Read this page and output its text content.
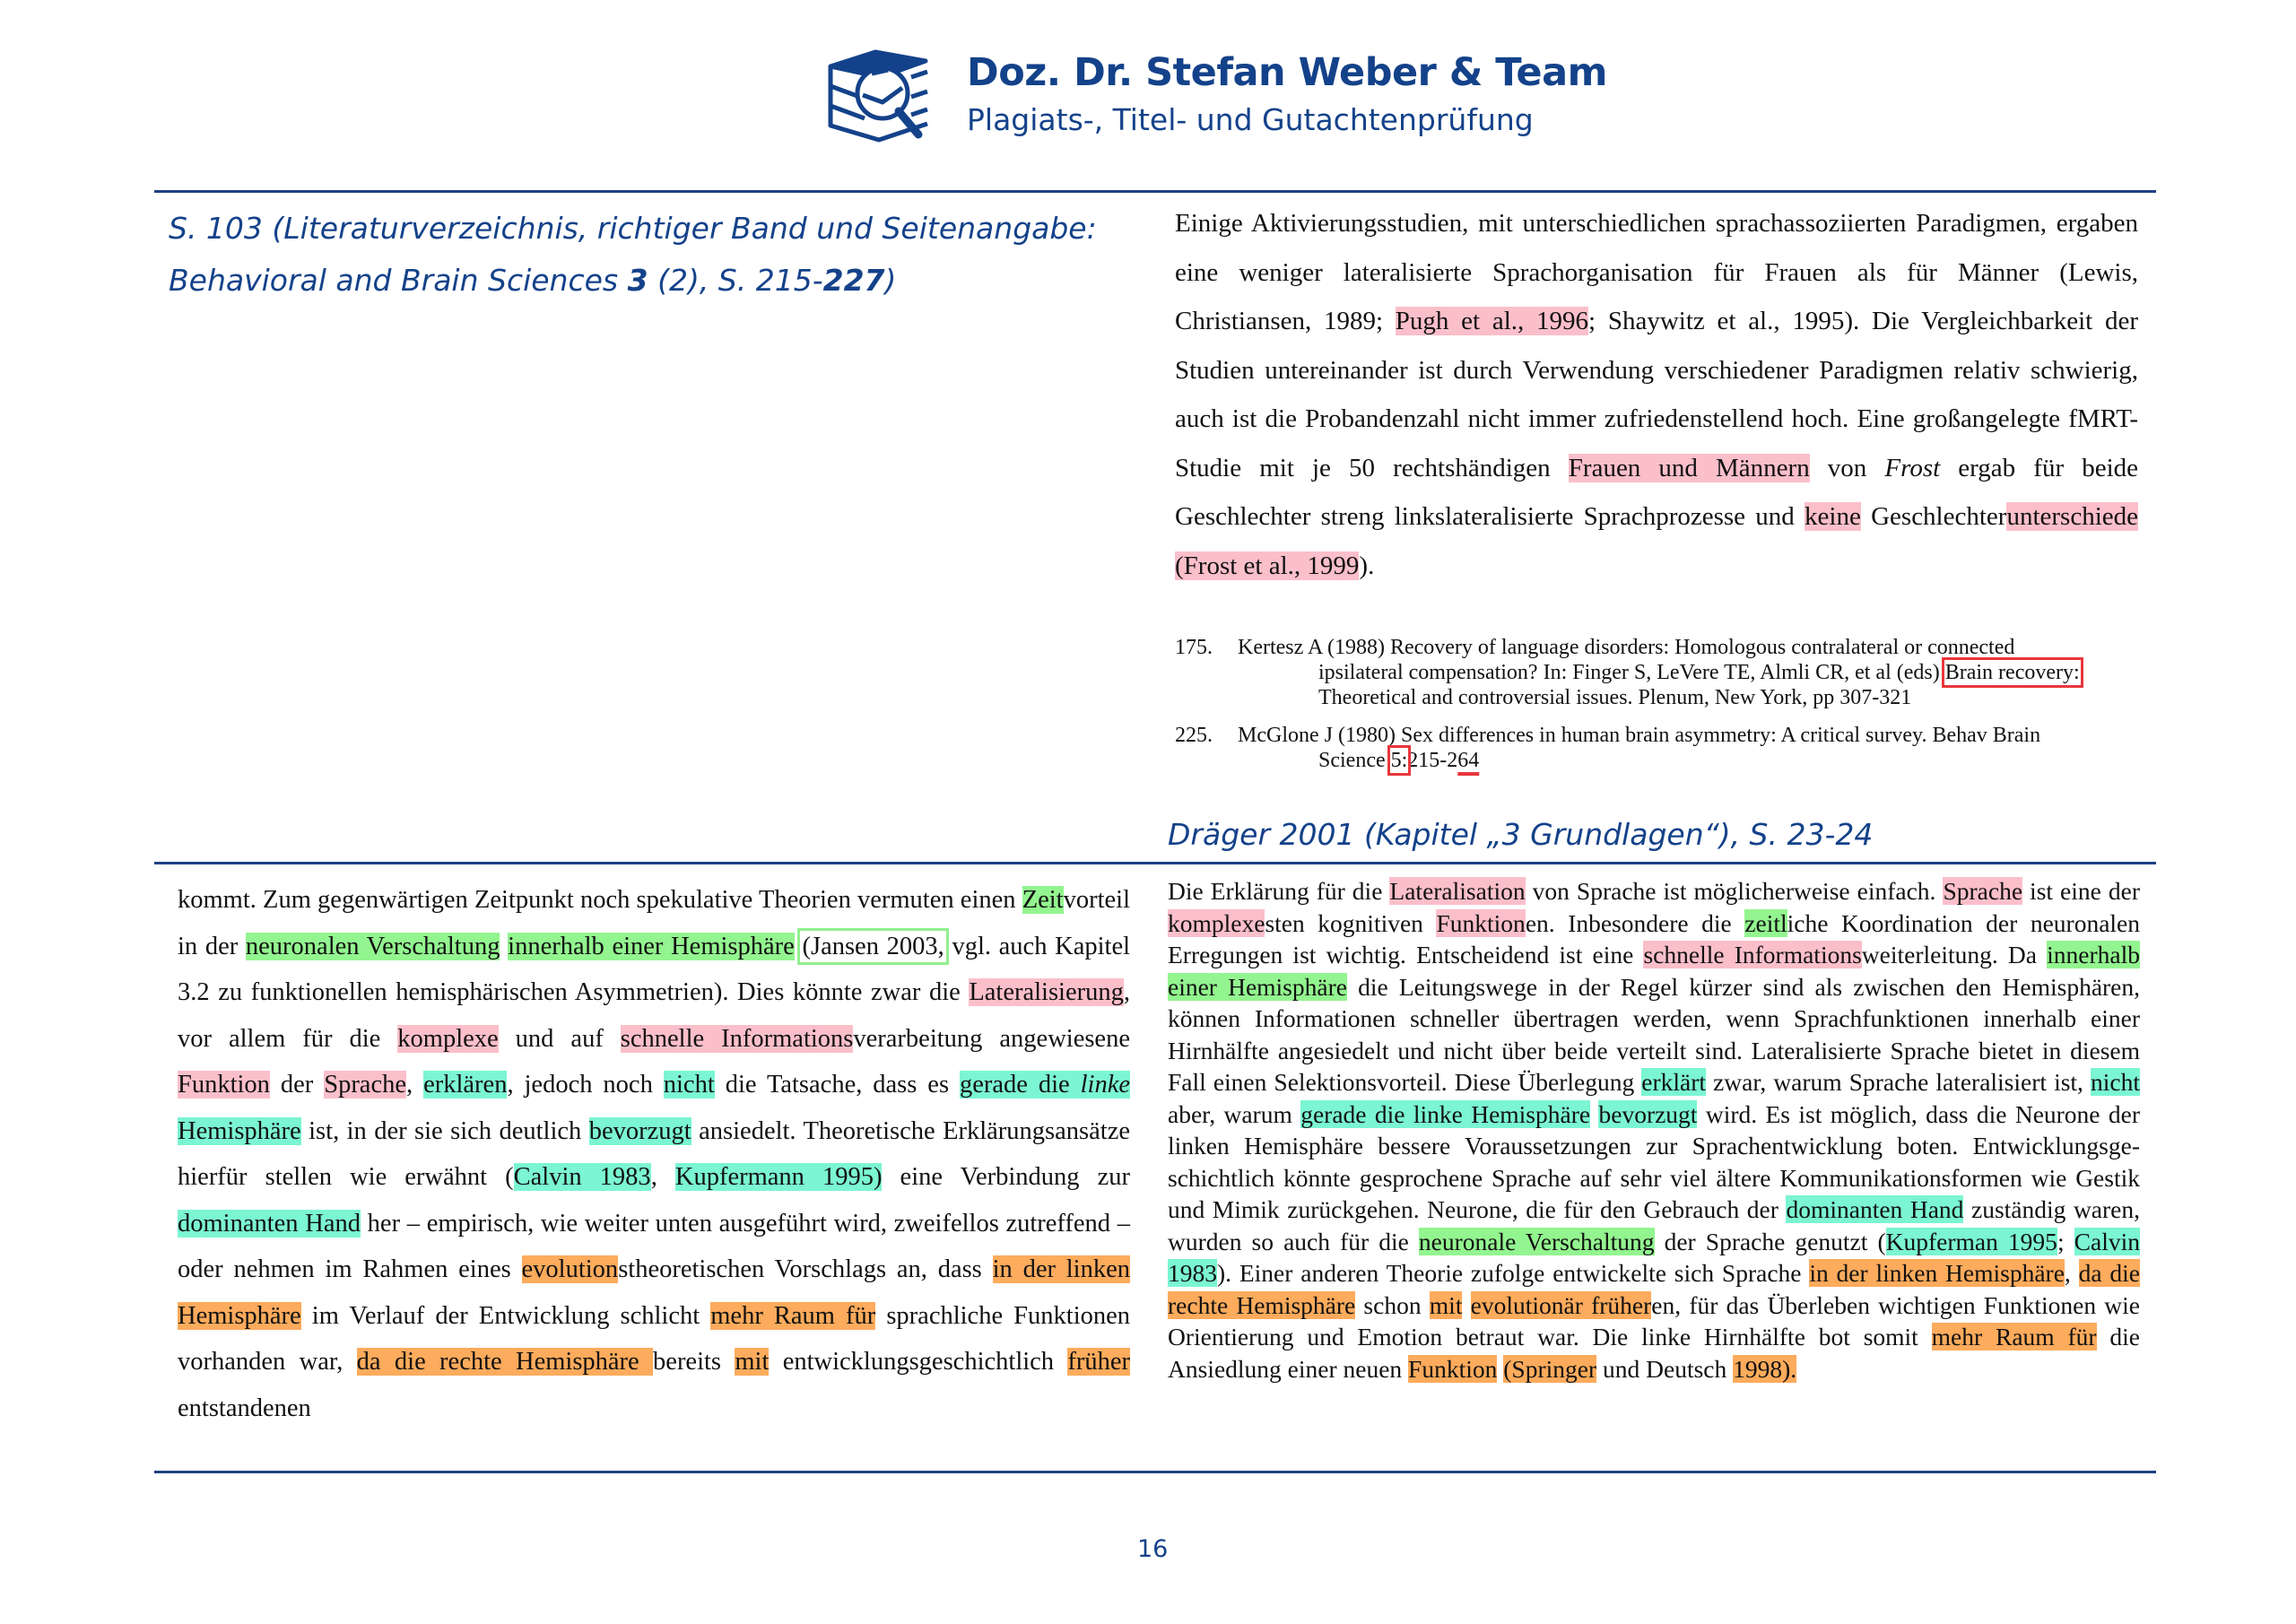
Doz. Dr. Stefan Weber & Team
Plagiats-, Titel- und Gutachtenprüfung
S. 103 (Literaturverzeichnis, richtiger Band und Seitenangabe:
Behavioral and Brain Sciences 3 (2), S. 215-227)
Einige Aktivierungsstudien, mit unterschiedlichen sprachassoziierten Paradigmen, ergaben eine weniger lateralisierte Sprachorganisation für Frauen als für Männer (Lewis, Christiansen, 1989; Pugh et al., 1996; Shaywitz et al., 1995). Die Vergleichbarkeit der Studien untereinander ist durch Verwendung verschiedener Paradigmen relativ schwierig, auch ist die Probandenzahl nicht immer zufriedenstellend hoch. Eine großangelegte fMRT-Studie mit je 50 rechtshändigen Frauen und Männern von Frost ergab für beide Geschlechter streng linkslateralisierte Sprachprozesse und keine Geschlechterunterschiede (Frost et al., 1999).
175. Kertesz A (1988) Recovery of language disorders: Homologous contralateral or connected
ipsilateral compensation? In: Finger S, LeVere TE, Almli CR, et al (eds) Brain recovery:
Theoretical and controversial issues. Plenum, New York, pp 307-321
225. McGlone J (1980) Sex differences in human brain asymmetry: A critical survey. Behav Brain
Science 5:215-264
Dräger 2001 (Kapitel „3 Grundlagen“), S. 23-24
kommt. Zum gegenwärtigen Zeitpunkt noch spekulative Theorien vermuten einen Zeitvorteil in der neuronalen Verschaltung innerhalb einer Hemisphäre (Jansen 2003, vgl. auch Kapitel 3.2 zu funktionellen hemisphärischen Asymmetrien). Dies könnte zwar die Lateralisierung, vor allem für die komplexe und auf schnelle Informationsverarbeitung angewiesene Funktion der Sprache, erklären, jedoch noch nicht die Tatsache, dass es gerade die linke Hemisphäre ist, in der sie sich deutlich bevorzugt ansiedelt. Theoretische Erklärungsansätze hierfür stellen wie erwähnt (Calvin 1983, Kupfermann 1995) eine Verbindung zur dominanten Hand her – empirisch, wie weiter unten ausgeführt wird, zweifellos zutreffend – oder nehmen im Rahmen eines evolutionstheoretischen Vorschlags an, dass in der linken Hemisphäre im Verlauf der Entwicklung schlicht mehr Raum für sprachliche Funktionen vorhanden war, da die rechte Hemisphäre bereits mit entwicklungsgeschichtlich früher entstandenen
Die Erklärung für die Lateralisation von Sprache ist möglicherweise einfach. Sprache ist eine der komplexesten kognitiven Funktionen. Inbesondere die zeitliche Koordination der neuronalen Erregungen ist wichtig. Entscheidend ist eine schnelle Informationsweiterleitung. Da innerhalb einer Hemisphäre die Leitungswege in der Regel kürzer sind als zwischen den Hemisphären, können Informationen schneller übertragen werden, wenn Sprachfunktionen innerhalb einer Hirnhälfte angesiedelt und nicht über beide verteilt sind. Lateralisierte Sprache bietet in diesem Fall einen Selektionsvorteil. Diese Überlegung erklärt zwar, warum Sprache lateralisiert ist, nicht aber, warum gerade die linke Hemisphäre bevorzugt wird. Es ist möglich, dass die Neurone der linken Hemisphäre bessere Voraussetzungen zur Sprachentwicklung boten. Entwicklungsgeschichtlich könnte gesprochene Sprache auf sehr viel ältere Kommunikationsformen wie Gestik und Mimik zurückgehen. Neurone, die für den Gebrauch der dominanten Hand zuständig waren, wurden so auch für die neuronale Verschaltung der Sprache genutzt (Kupferman 1995; Calvin 1983). Einer anderen Theorie zufolge entwickelte sich Sprache in der linken Hemisphäre, da die rechte Hemisphäre schon mit evolutionär früheren, für das Überleben wichtigen Funktionen wie Orientierung und Emotion betraut war. Die linke Hirnhälfte bot somit mehr Raum für die Ansiedlung einer neuen Funktion (Springer und Deutsch 1998).
16
